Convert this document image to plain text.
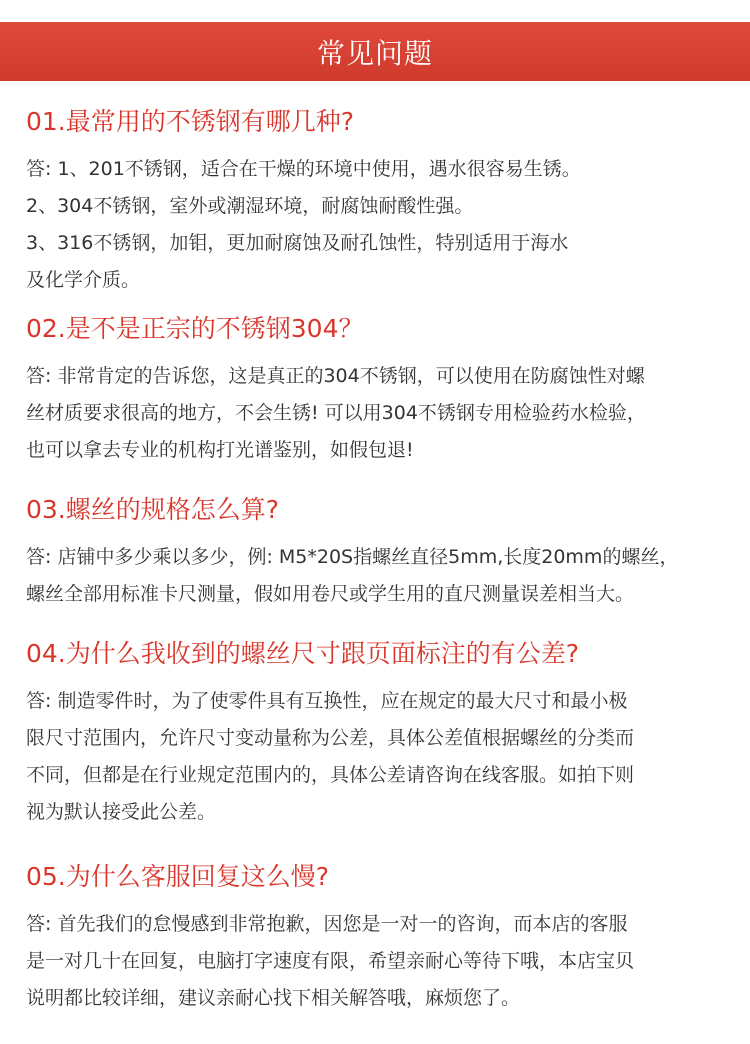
常见问题
01.最常用的不锈钢有哪几种?
答: 1、201不锈钢，适合在干燥的环境中使用，遇水很容易生锈。
2、304不锈钢，室外或潮湿环境，耐腐蚀耐酸性强。
3、316不锈钢，加钼，更加耐腐蚀及耐孔蚀性，特别适用于海水
及化学介质。
02.是不是正宗的不锈钢304？
答: 非常肯定的告诉您，这是真正的304不锈钢，可以使用在防腐蚀性对螺
丝材质要求很高的地方，不会生锈! 可以用304不锈钢专用检验药水检验，
也可以拿去专业的机构打光谱鉴别，如假包退!
03.螺丝的规格怎么算?
答: 店铺中多少乘以多少，例: M5*20S指螺丝直径5mm,长度20mm的螺丝，
螺丝全部用标准卡尺测量，假如用卷尺或学生用的直尺测量误差相当大。
04.为什么我收到的螺丝尺寸跟页面标注的有公差?
答: 制造零件时，为了使零件具有互换性，应在规定的最大尺寸和最小极
限尺寸范围内，允许尺寸变动量称为公差，具体公差值根据螺丝的分类而
不同，但都是在行业规定范围内的，具体公差请咨询在线客服。如拍下则
视为默认接受此公差。
05.为什么客服回复这么慢?
答: 首先我们的怠慢感到非常抱歉，因您是一对一的咨询，而本店的客服
是一对几十在回复，电脑打字速度有限，希望亲耐心等待下哦，本店宝贝
说明都比较详细，建议亲耐心找下相关解答哦，麻烦您了。
